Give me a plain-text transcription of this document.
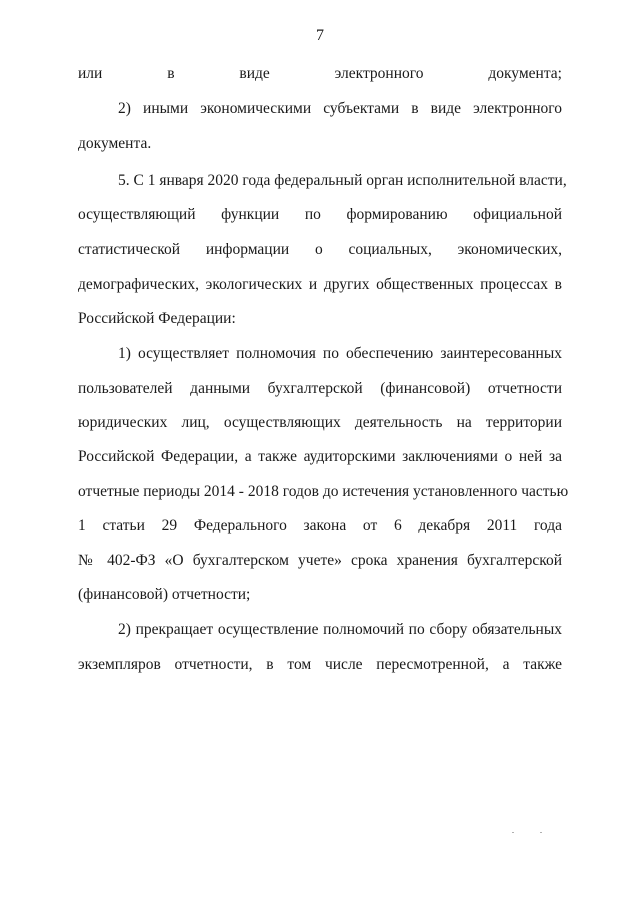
7
или в виде электронного документа;
2) иными экономическими субъектами в виде электронного
документа.
5. С 1 января 2020 года федеральный орган исполнительной власти,
осуществляющий функции по формированию официальной
статистической информации о социальных, экономических,
демографических, экологических и других общественных процессах в
Российской Федерации:
1) осуществляет полномочия по обеспечению заинтересованных
пользователей данными бухгалтерской (финансовой) отчетности
юридических лиц, осуществляющих деятельность на территории
Российской Федерации, а также аудиторскими заключениями о ней за
отчетные периоды 2014 - 2018 годов до истечения установленного частью
1 статьи 29 Федерального закона от 6 декабря 2011 года
№ 402-ФЗ «О бухгалтерском учете» срока хранения бухгалтерской
(финансовой) отчетности;
2) прекращает осуществление полномочий по сбору обязательных
экземпляров отчетности, в том числе пересмотренной, а также
